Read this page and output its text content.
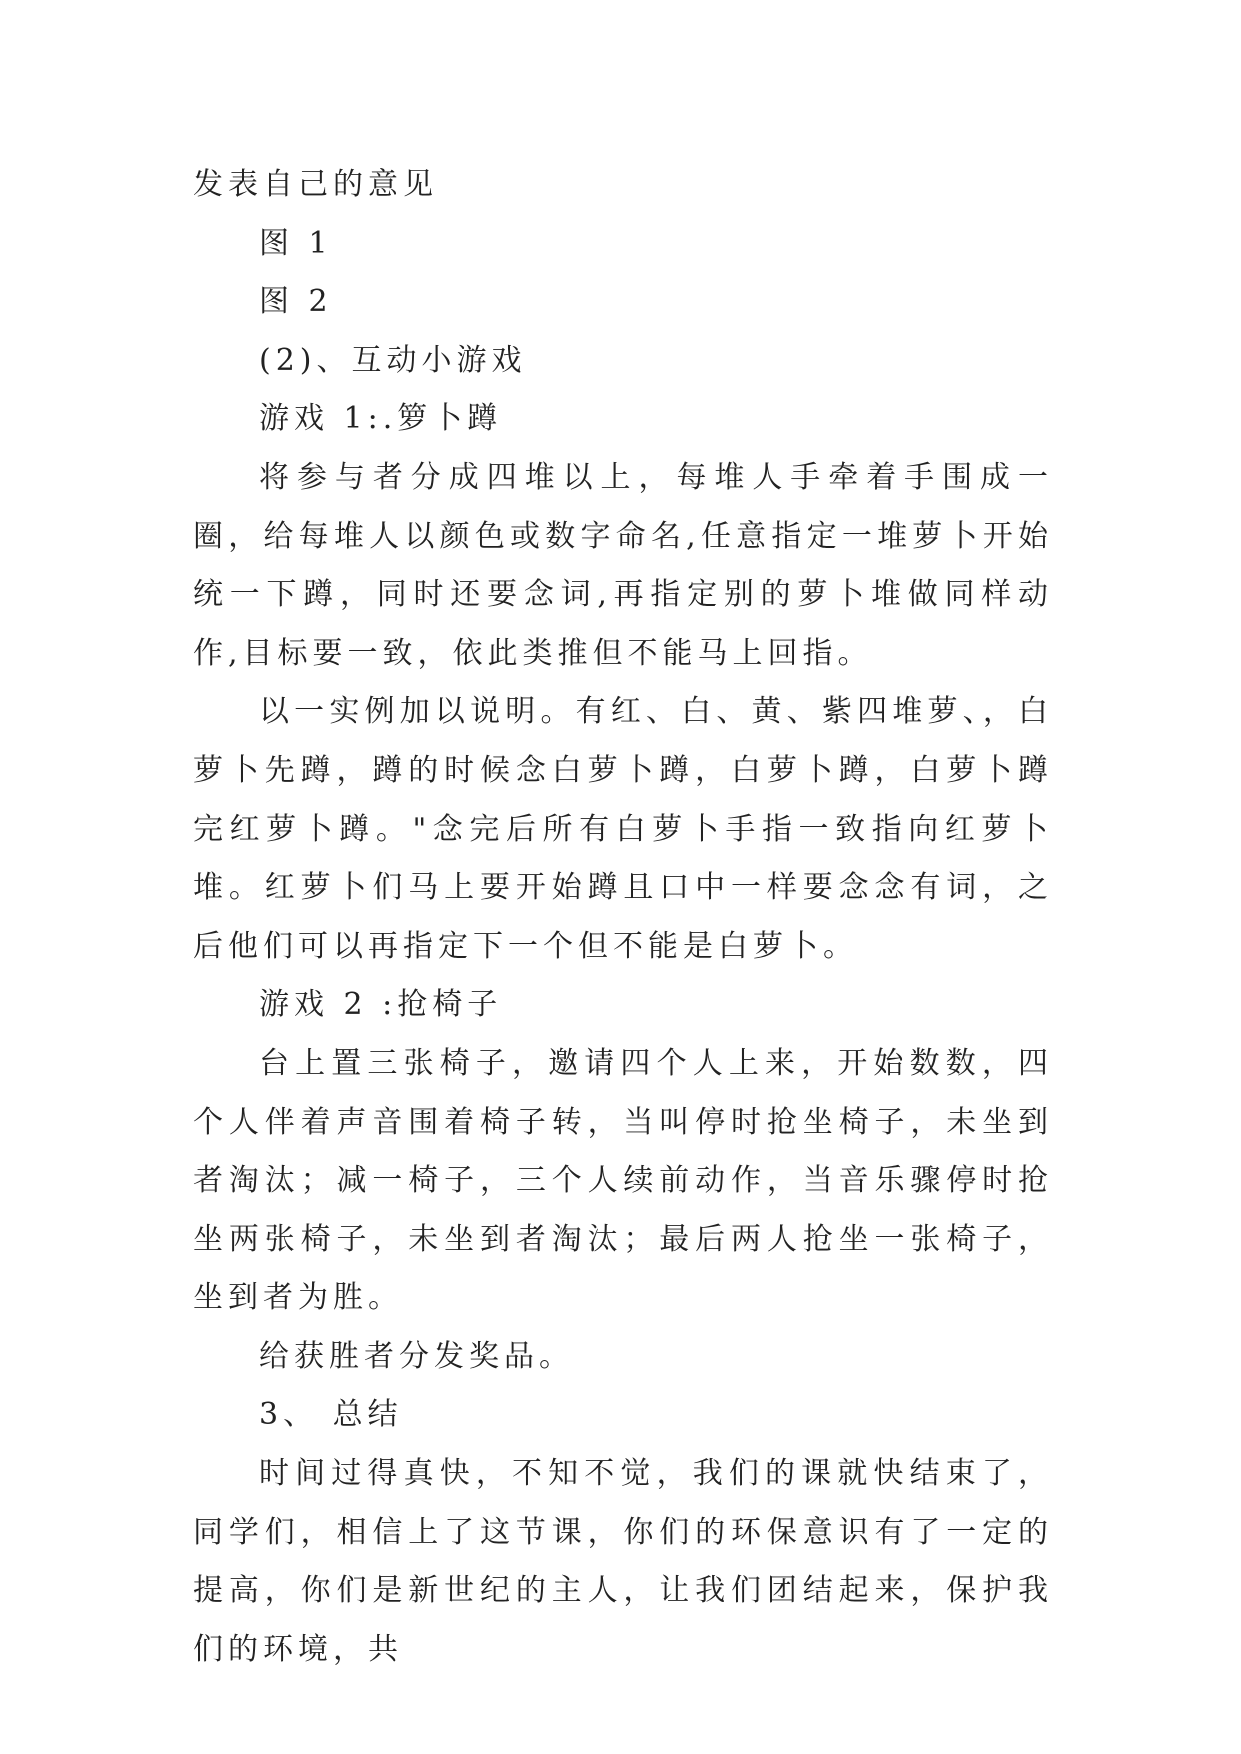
发表自己的意见

图 1

图 2

(2)、互动小游戏

游戏 1:.箩卜蹲

将参与者分成四堆以上，每堆人手牵着手围成一圈，给每堆人以颜色或数字命名,任意指定一堆萝卜开始统一下蹲，同时还要念词,再指定别的萝卜堆做同样动作,目标要一致，依此类推但不能马上回指。

以一实例加以说明。有红、白、黄、紫四堆萝、，白萝卜先蹲，蹲的时候念白萝卜蹲，白萝卜蹲，白萝卜蹲完红萝卜蹲。"念完后所有白萝卜手指一致指向红萝卜堆。红萝卜们马上要开始蹲且口中一样要念念有词，之后他们可以再指定下一个但不能是白萝卜。

游戏 2 :抢椅子

台上置三张椅子，邀请四个人上来，开始数数，四个人伴着声音围着椅子转，当叫停时抢坐椅子，未坐到者淘汰；减一椅子，三个人续前动作，当音乐骤停时抢坐两张椅子，未坐到者淘汰；最后两人抢坐一张椅子，坐到者为胜。

给获胜者分发奖品。

3、 总结

时间过得真快，不知不觉，我们的课就快结束了，同学们，相信上了这节课，你们的环保意识有了一定的提高，你们是新世纪的主人，让我们团结起来，保护我们的环境，共
